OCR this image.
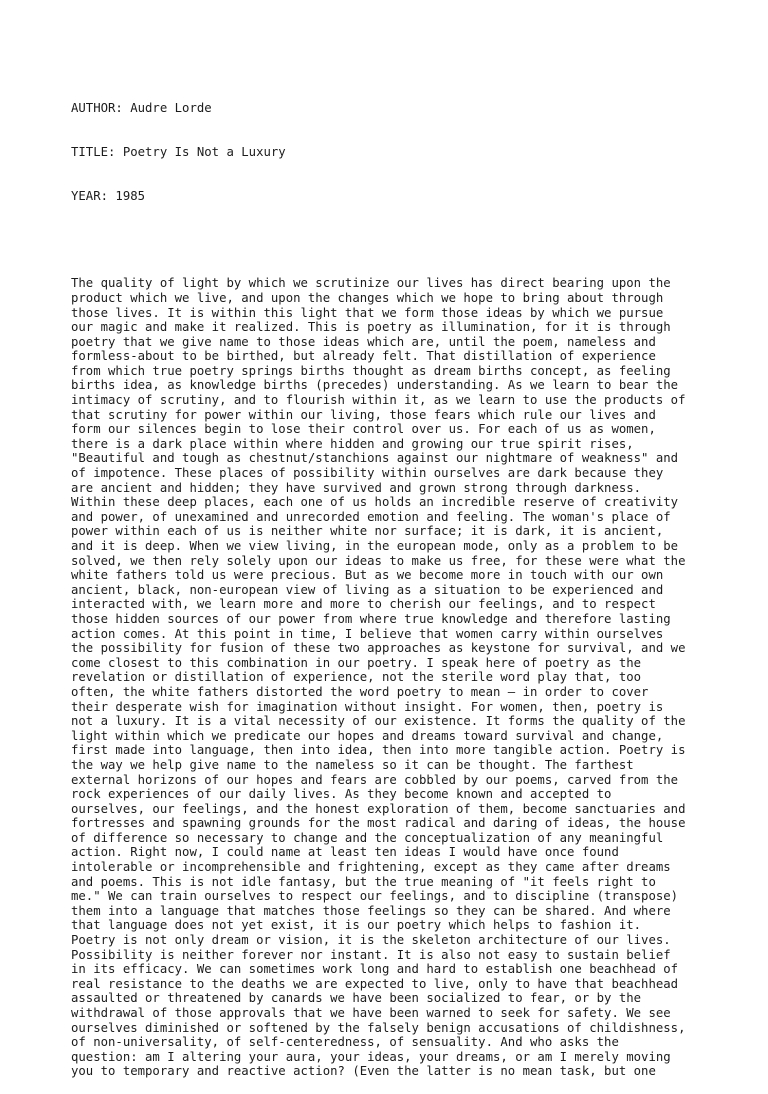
AUTHOR: Audre Lorde

TITLE: Poetry Is Not a Luxury

YEAR: 1985

The quality of light by which we scrutinize our lives has direct bearing upon the
product which we live, and upon the changes which we hope to bring about through
those lives. It is within this light that we form those ideas by which we pursue
our magic and make it realized. This is poetry as illumination, for it is through
poetry that we give name to those ideas which are, until the poem, nameless and
formless-about to be birthed, but already felt. That distillation of experience
from which true poetry springs births thought as dream births concept, as feeling
births idea, as knowledge births (precedes) understanding. As we learn to bear the
intimacy of scrutiny, and to flourish within it, as we learn to use the products of
that scrutiny for power within our living, those fears which rule our lives and
form our silences begin to lose their control over us. For each of us as women,
there is a dark place within where hidden and growing our true spirit rises,
"Beautiful and tough as chestnut/stanchions against our nightmare of weakness" and
of impotence. These places of possibility within ourselves are dark because they
are ancient and hidden; they have survived and grown strong through darkness.
Within these deep places, each one of us holds an incredible reserve of creativity
and power, of unexamined and unrecorded emotion and feeling. The woman's place of
power within each of us is neither white nor surface; it is dark, it is ancient,
and it is deep. When we view living, in the european mode, only as a problem to be
solved, we then rely solely upon our ideas to make us free, for these were what the
white fathers told us were precious. But as we become more in touch with our own
ancient, black, non-european view of living as a situation to be experienced and
interacted with, we learn more and more to cherish our feelings, and to respect
those hidden sources of our power from where true knowledge and therefore lasting
action comes. At this point in time, I believe that women carry within ourselves
the possibility for fusion of these two approaches as keystone for survival, and we
come closest to this combination in our poetry. I speak here of poetry as the
revelation or distillation of experience, not the sterile word play that, too
often, the white fathers distorted the word poetry to mean — in order to cover
their desperate wish for imagination without insight. For women, then, poetry is
not a luxury. It is a vital necessity of our existence. It forms the quality of the
light within which we predicate our hopes and dreams toward survival and change,
first made into language, then into idea, then into more tangible action. Poetry is
the way we help give name to the nameless so it can be thought. The farthest
external horizons of our hopes and fears are cobbled by our poems, carved from the
rock experiences of our daily lives. As they become known and accepted to
ourselves, our feelings, and the honest exploration of them, become sanctuaries and
fortresses and spawning grounds for the most radical and daring of ideas, the house
of difference so necessary to change and the conceptualization of any meaningful
action. Right now, I could name at least ten ideas I would have once found
intolerable or incomprehensible and frightening, except as they came after dreams
and poems. This is not idle fantasy, but the true meaning of "it feels right to
me." We can train ourselves to respect our feelings, and to discipline (transpose)
them into a language that matches those feelings so they can be shared. And where
that language does not yet exist, it is our poetry which helps to fashion it.
Poetry is not only dream or vision, it is the skeleton architecture of our lives.
Possibility is neither forever nor instant. It is also not easy to sustain belief
in its efficacy. We can sometimes work long and hard to establish one beachhead of
real resistance to the deaths we are expected to live, only to have that beachhead
assaulted or threatened by canards we have been socialized to fear, or by the
withdrawal of those approvals that we have been warned to seek for safety. We see
ourselves diminished or softened by the falsely benign accusations of childishness,
of non-universality, of self-centeredness, of sensuality. And who asks the
question: am I altering your aura, your ideas, your dreams, or am I merely moving
you to temporary and reactive action? (Even the latter is no mean task, but one
